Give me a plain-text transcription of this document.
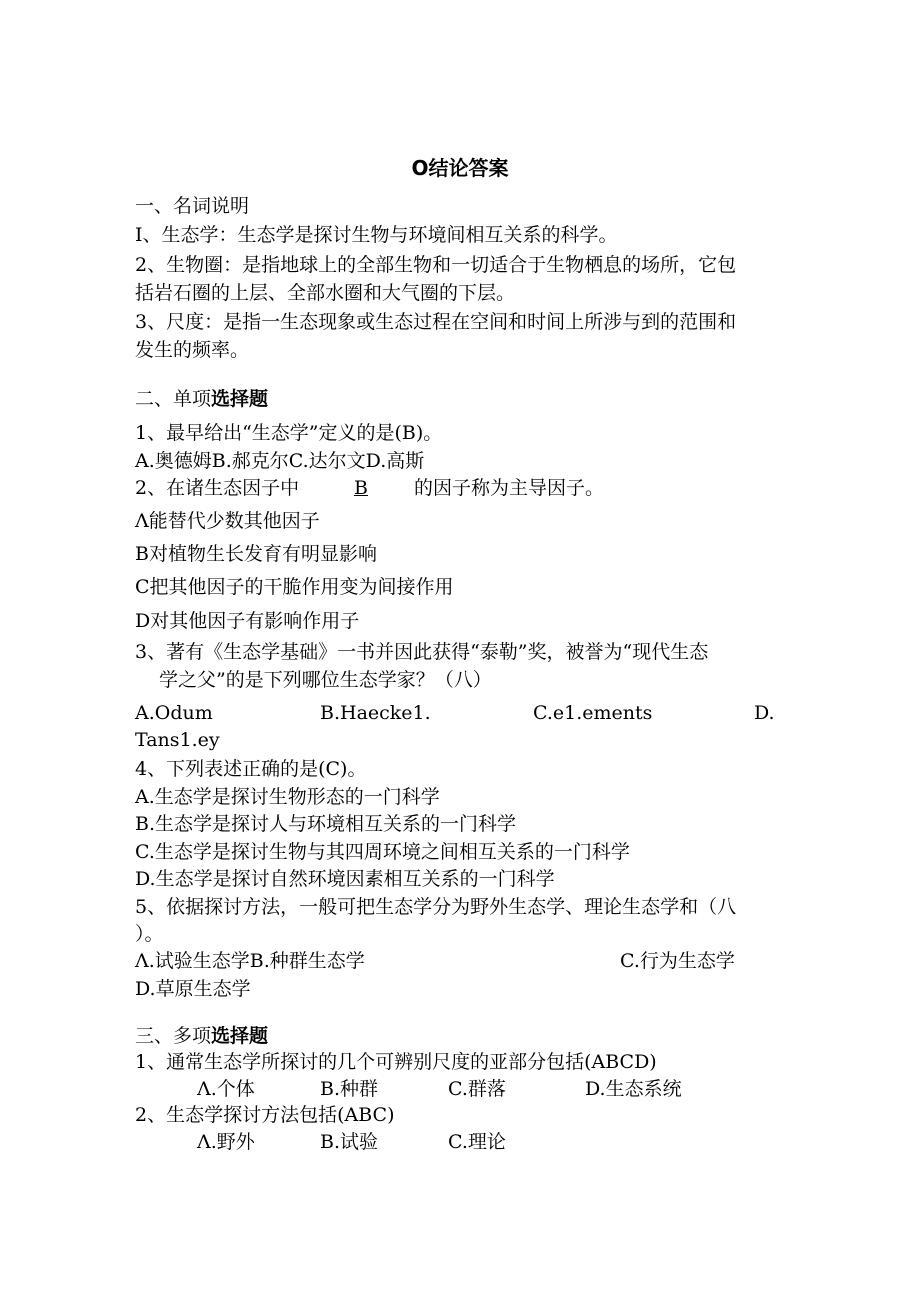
O结论答案
一、名词说明
I、生态学：生态学是探讨生物与环境间相互关系的科学。
2、生物圈：是指地球上的全部生物和一切适合于生物栖息的场所，它包
括岩石圈的上层、全部水圈和大气圈的下层。
3、尺度：是指一生态现象或生态过程在空间和时间上所涉与到的范围和
发生的频率。
二、单项选择题
1、最早给出“生态学”定义的是(B)。
A.奥德姆B.郝克尔C.达尔文D.高斯
2、在诸生态因子中	B 的因子称为主导因子。
Λ能替代少数其他因子
B对植物生长发育有明显影响
C把其他因子的干脆作用变为间接作用
D对其他因子有影响作用子
3、著有《生态学基础》一书并因此获得“泰勒”奖，被誉为“现代生态
学之父”的是下列哪位生态学家？（八）
A.Odum	B.Haecke1.	C.e1.ements	D.
Tans1.ey
4、下列表述正确的是(C)。
A.生态学是探讨生物形态的一门科学
B.生态学是探讨人与环境相互关系的一门科学
C.生态学是探讨生物与其四周环境之间相互关系的一门科学
D.生态学是探讨自然环境因素相互关系的一门科学
5、依据探讨方法，一般可把生态学分为野外生态学、理论生态学和（八
）。
Λ.试验生态学B.种群生态学	C.行为生态学
D.草原生态学
三、多项选择题
1、通常生态学所探讨的几个可辨别尺度的亚部分包括(ABCD)
Λ.个体	B.种群	C.群落	D.生态系统
2、生态学探讨方法包括(ABC)
Λ.野外	B.试验	C.理论
